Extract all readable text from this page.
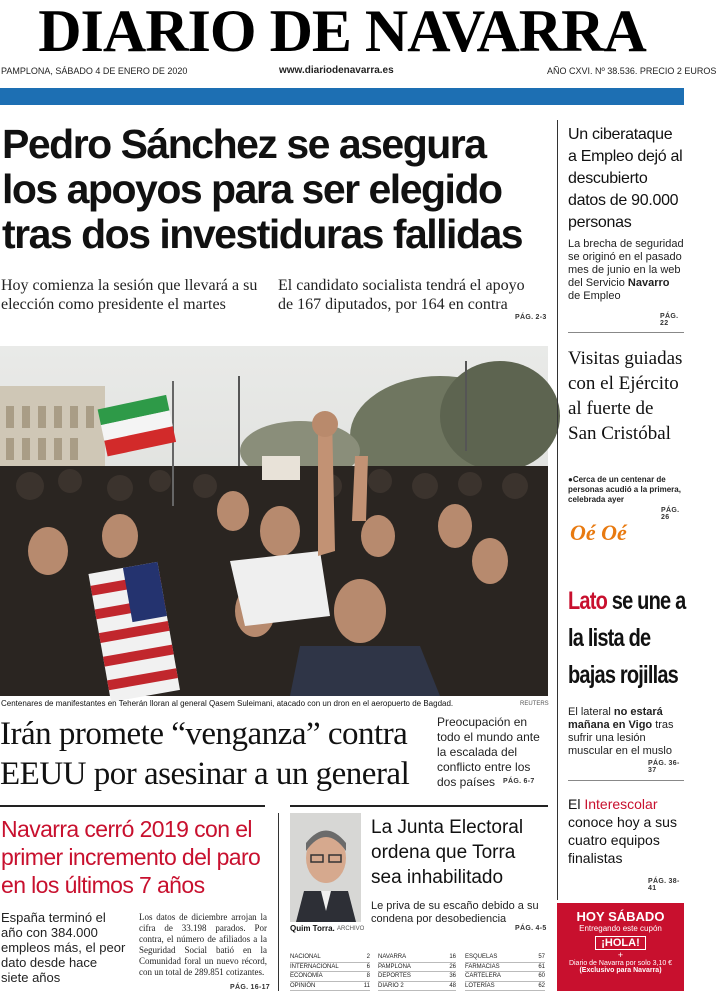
DIARIO DE NAVARRA
PAMPLONA, SÁBADO 4 DE ENERO DE 2020	www.diariodenavarra.es	AÑO CXVI. Nº 38.536. PRECIO 2 EUROS
Pedro Sánchez se asegura los apoyos para ser elegido tras dos investiduras fallidas
Hoy comienza la sesión que llevará a su elección como presidente el martes
El candidato socialista tendrá el apoyo de 167 diputados, por 164 en contra
PÁG. 2-3
Centenares de manifestantes en Teherán lloran al general Qasem Suleimani, atacado con un dron en el aeropuerto de Bagdad.	REUTERS
Irán promete “venganza” contra EEUU por asesinar a un general
Preocupación en todo el mundo ante la escalada del conflicto entre los dos países	PÁG. 6-7
Navarra cerró 2019 con el primer incremento del paro en los últimos 7 años
España terminó el año con 384.000 empleos más, el peor dato desde hace siete años
Los datos de diciembre arrojan la cifra de 33.198 parados. Por contra, el número de afiliados a la Seguridad Social batió en la Comunidad foral un nuevo récord, con un total de 289.851 cotizantes.
PÁG. 16-17
Quim Torra. ARCHIVO
La Junta Electoral ordena que Torra sea inhabilitado
Le priva de su escaño debido a su condena por desobediencia
PÁG. 4-5
NACIONAL	2
INTERNACIONAL	6
ECONOMÍA	8
OPINIÓN	11
NAVARRA	16
PAMPLONA	26
DEPORTES	36
DIARIO 2	48
ESQUELAS	57
FARMACIAS	61
CARTELERA	60
LOTERÍAS	62
Un ciberataque a Empleo dejó al descubierto datos de 90.000 personas
La brecha de seguridad se originó en el pasado mes de junio en la web del Servicio Navarro de Empleo
PÁG. 22
Visitas guiadas con el Ejército al fuerte de San Cristóbal
●Cerca de un centenar de personas acudió a la primera, celebrada ayer
PÁG. 26
Oé Oé
Lato se une a la lista de bajas rojillas
El lateral no estará mañana en Vigo tras sufrir una lesión muscular en el muslo
PÁG. 36-37
El Interescolar conoce hoy a sus cuatro equipos finalistas
PÁG. 38-41
HOY SÁBADO
Entregando este cupón
¡HOLA!
+
Diario de Navarra por solo 3,10 €
(Exclusivo para Navarra)
